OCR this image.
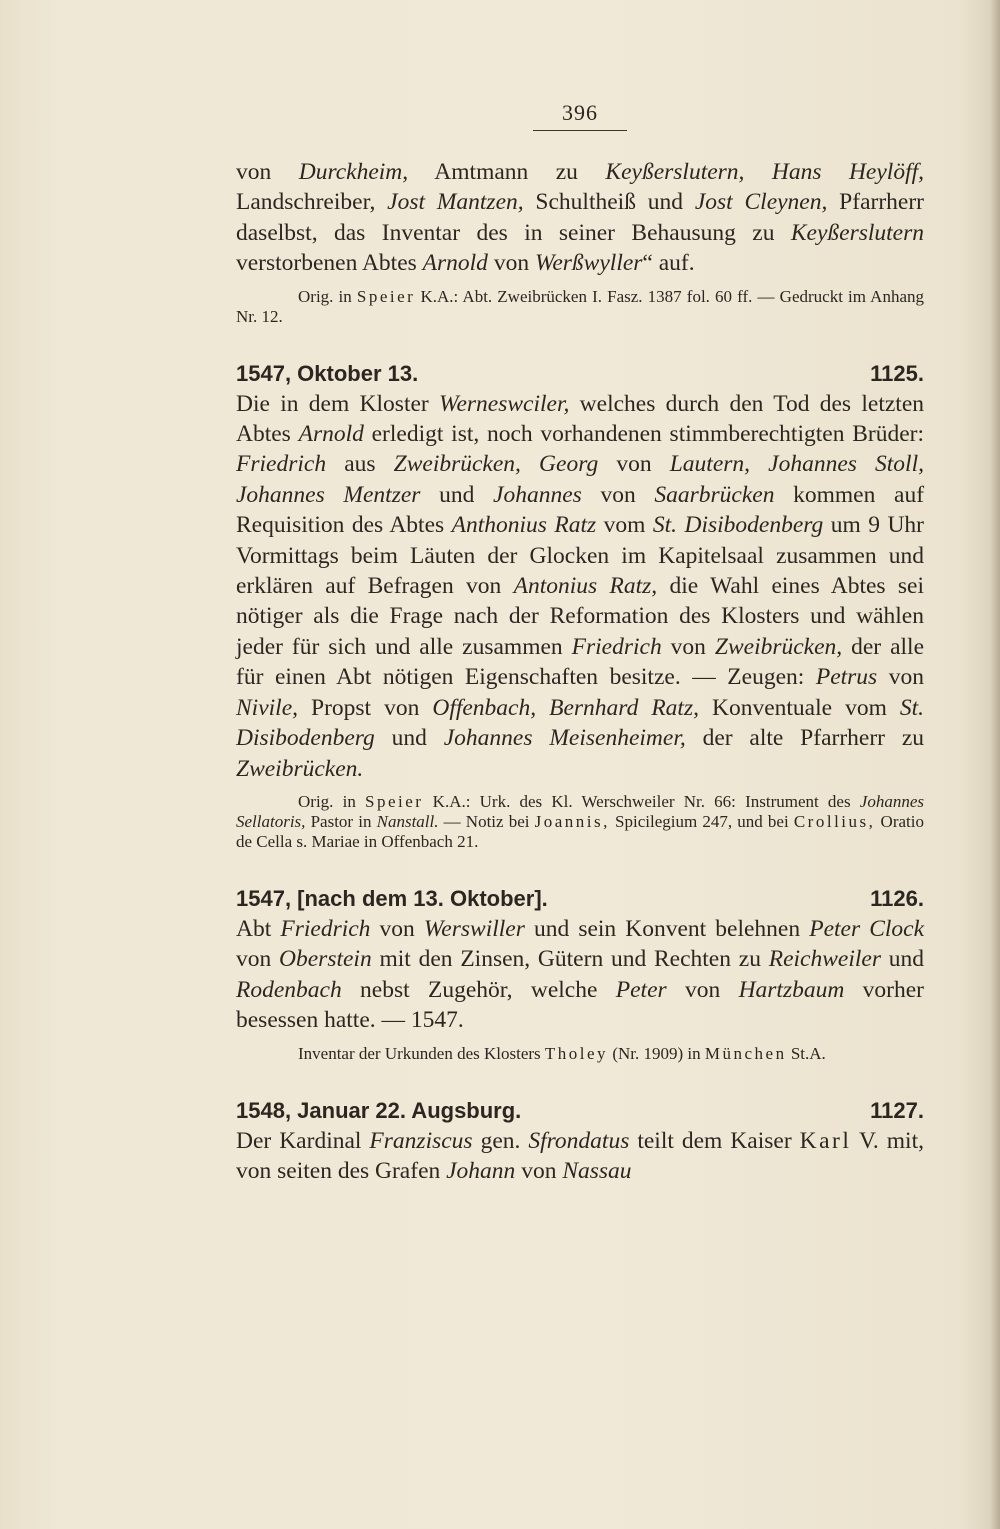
396

von Durckheim, Amtmann zu Keyßerslutern, Hans Heylöff, Landschreiber, Jost Mantzen, Schultheiß und Jost Cleynen, Pfarrherr daselbst, das Inventar des in seiner Behausung zu Keyßerslutern verstorbenen Abtes Arnold von Werßwyller“ auf.

Orig. in Speier K.A.: Abt. Zweibrücken I. Fasz. 1387 fol. 60 ff. — Gedruckt im Anhang Nr. 12.

1547, Oktober 13.	1125.

Die in dem Kloster Werneswciler, welches durch den Tod des letzten Abtes Arnold erledigt ist, noch vorhandenen stimmberechtigten Brüder: Friedrich aus Zweibrücken, Georg von Lautern, Johannes Stoll, Johannes Mentzer und Johannes von Saarbrücken kommen auf Requisition des Abtes Anthonius Ratz vom St. Disibodenberg um 9 Uhr Vormittags beim Läuten der Glocken im Kapitelsaal zusammen und erklären auf Befragen von Antonius Ratz, die Wahl eines Abtes sei nötiger als die Frage nach der Reformation des Klosters und wählen jeder für sich und alle zusammen Friedrich von Zweibrücken, der alle für einen Abt nötigen Eigenschaften besitze. — Zeugen: Petrus von Nivile, Propst von Offenbach, Bernhard Ratz, Konventuale vom St. Disibodenberg und Johannes Meisenheimer, der alte Pfarrherr zu Zweibrücken.

Orig. in Speier K.A.: Urk. des Kl. Werschweiler Nr. 66: Instrument des Johannes Sellatoris, Pastor in Nanstall. — Notiz bei Joannis, Spicilegium 247, und bei Crollius, Oratio de Cella s. Mariae in Offenbach 21.

1547, [nach dem 13. Oktober].	1126.

Abt Friedrich von Werswiller und sein Konvent belehnen Peter Clock von Oberstein mit den Zinsen, Gütern und Rechten zu Reichweiler und Rodenbach nebst Zugehör, welche Peter von Hartzbaum vorher besessen hatte. — 1547.

Inventar der Urkunden des Klosters Tholey (Nr. 1909) in München St.A.

1548, Januar 22. Augsburg.	1127.

Der Kardinal Franziscus gen. Sfrondatus teilt dem Kaiser Karl V. mit, von seiten des Grafen Johann von Nassau
